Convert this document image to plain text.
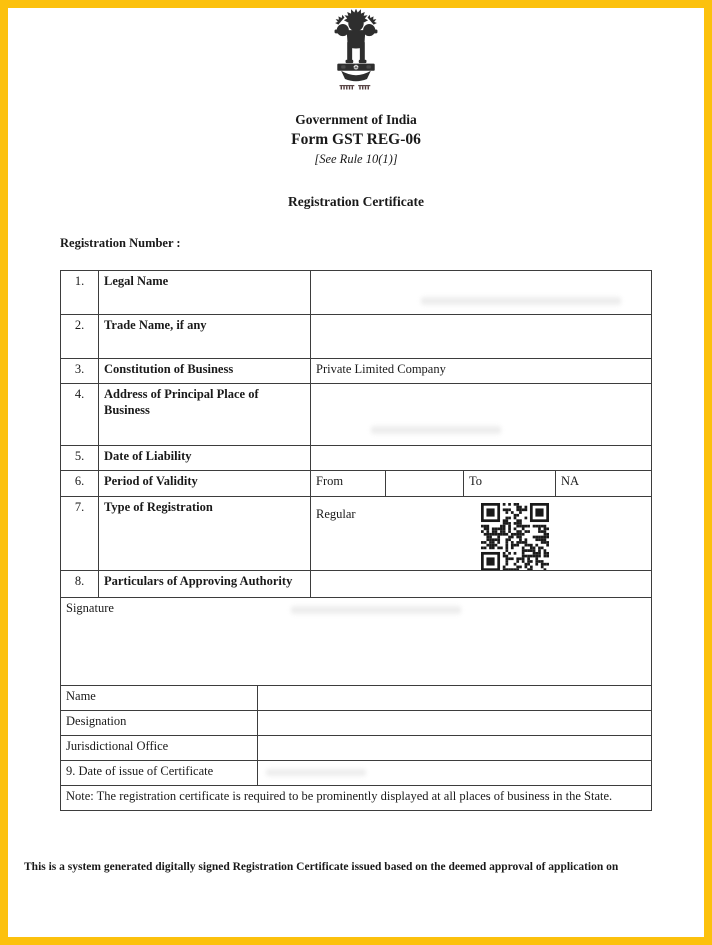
Government of India
Form GST REG-06
[See Rule 10(1)]
Registration Certificate
Registration Number :
1.	Legal Name				

2.	Trade Name, if any				
3.	Constitution of Business	Private Limited Company			
4.	Address of Principal Place of Business				

5.	Date of Liability				
6.	Period of Validity	From		To	NA
7.	Type of Registration	Regular			

8.	Particulars of Approving Authority				
Signature	

Name	
Designation	
Jurisdictional Office	
9. Date of issue of Certificate	

Note: The registration certificate is required to be prominently displayed at all places of business in the State.	
This is a system generated digitally signed Registration Certificate issued based on the deemed approval of application on
